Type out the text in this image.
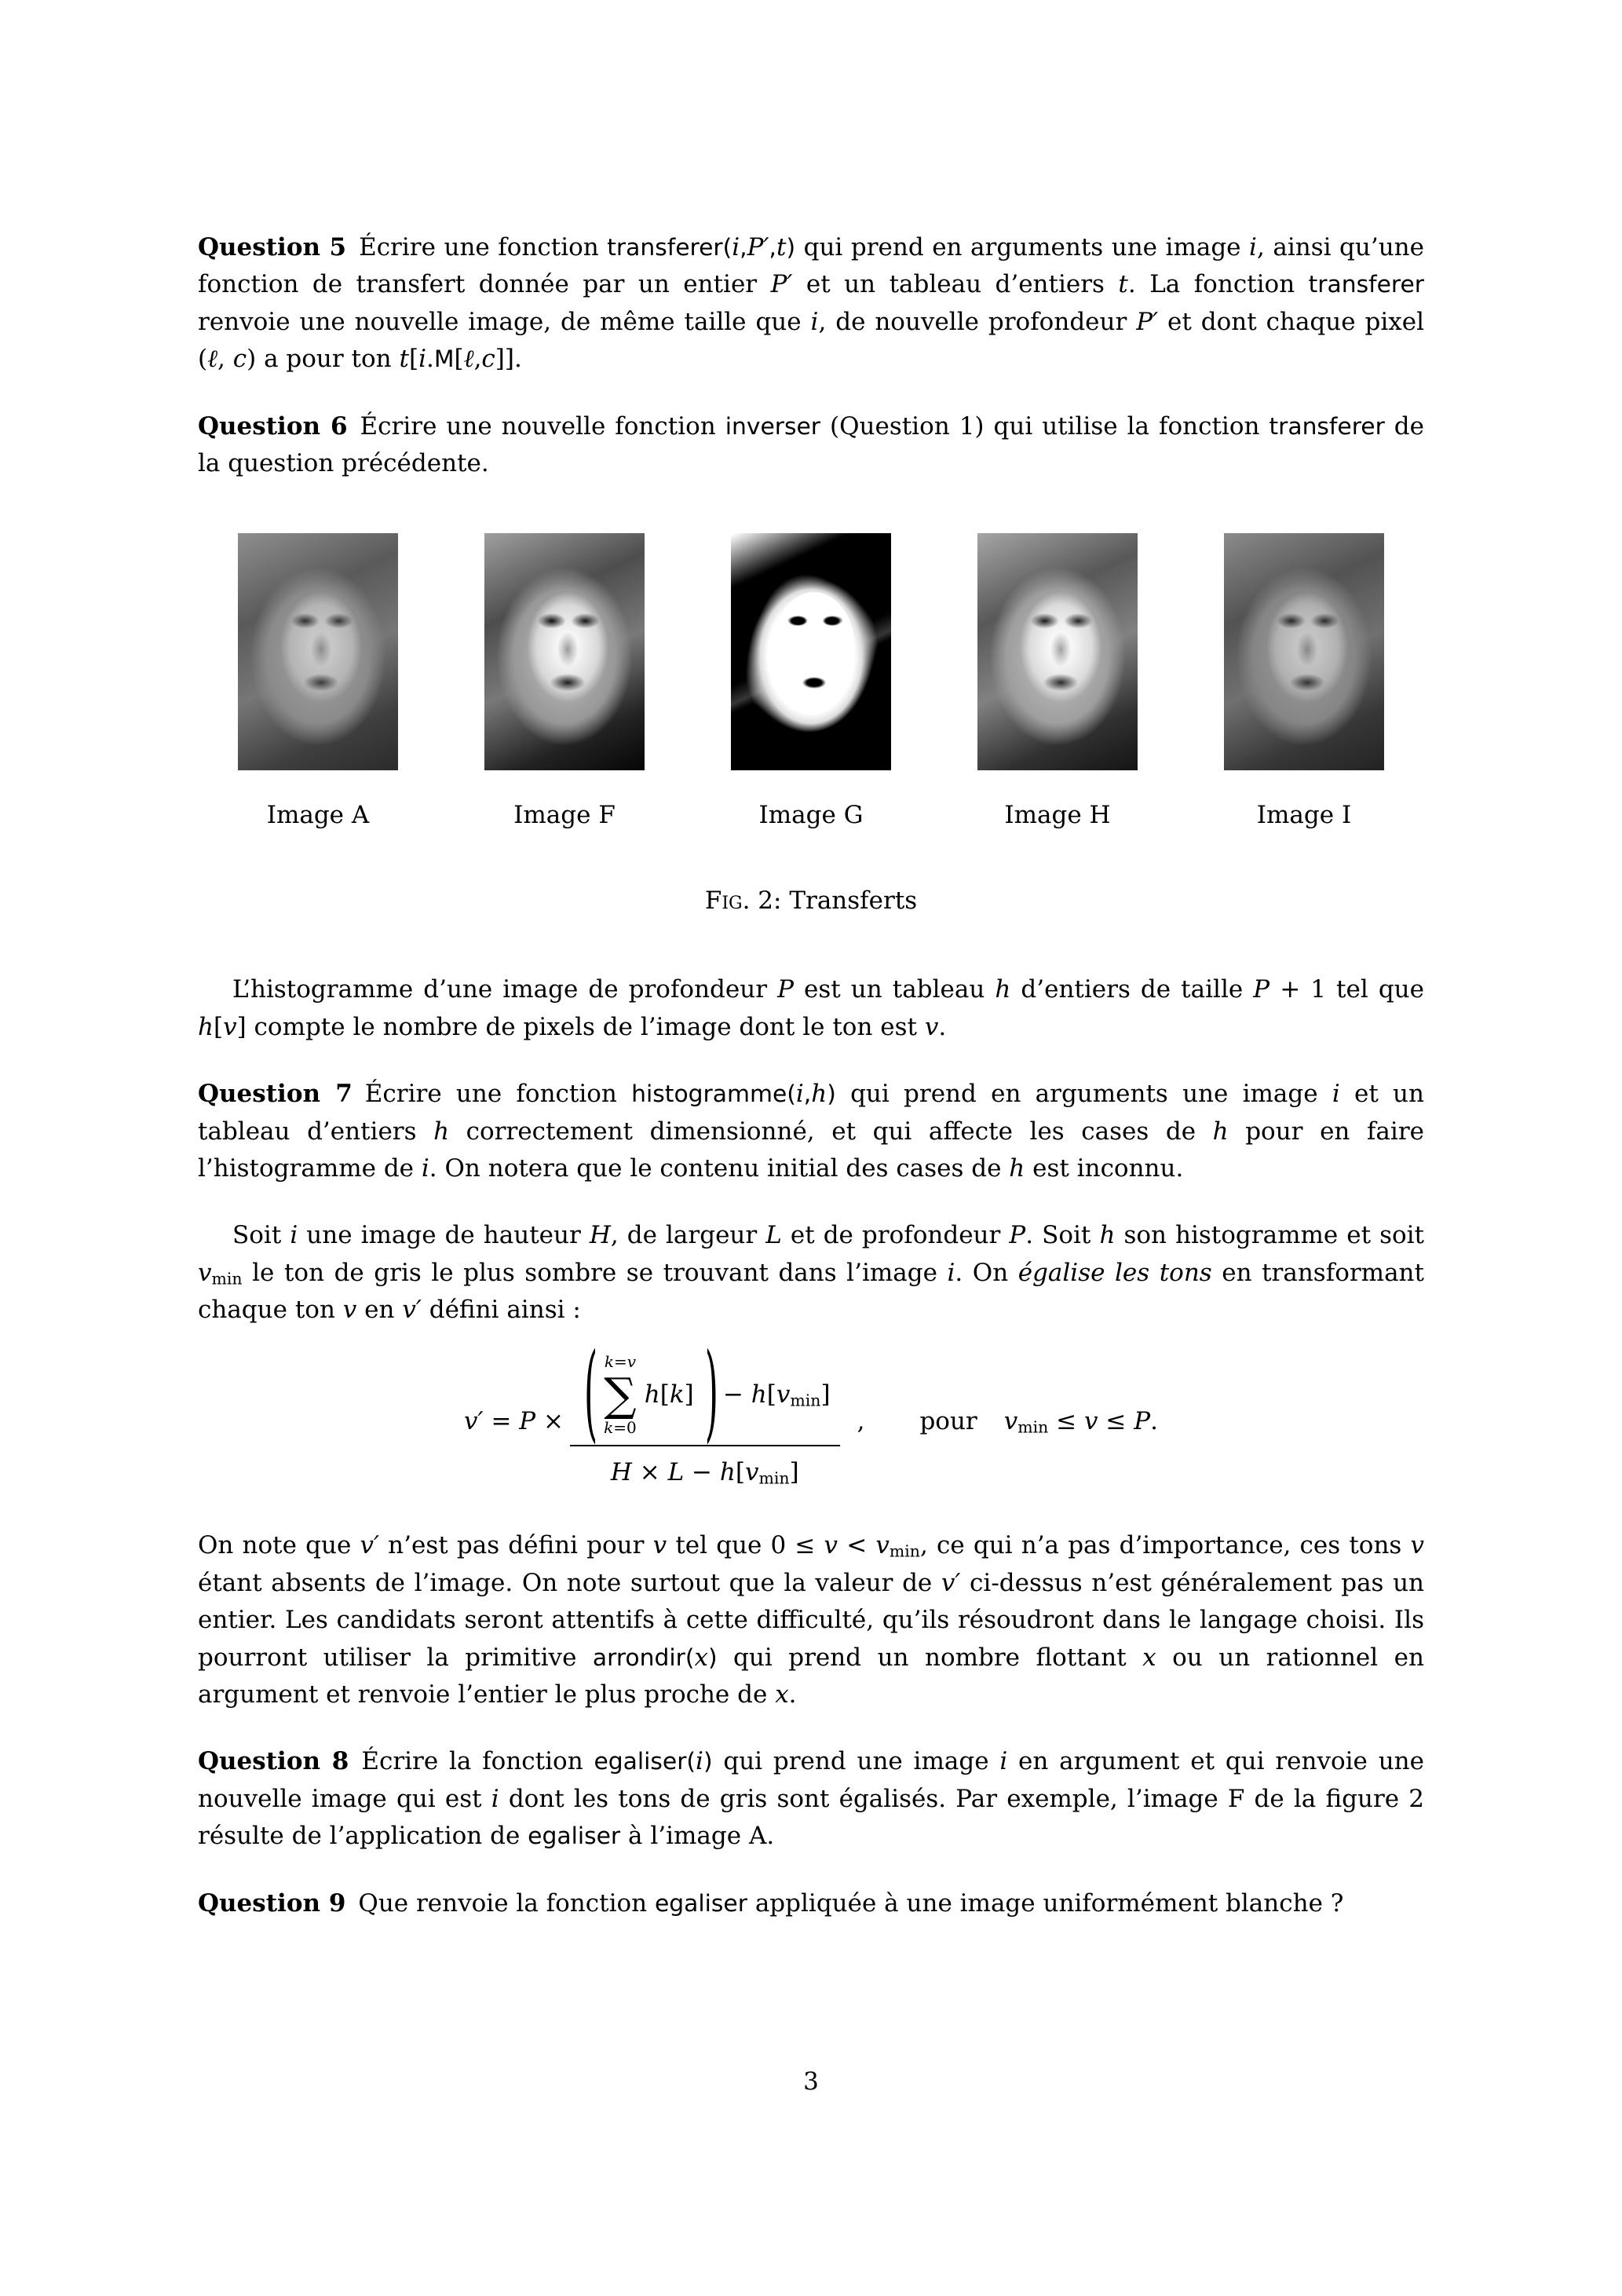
Question 5 Écrire une fonction transferer(i,P′,t) qui prend en arguments une image i, ainsi qu’une fonction de transfert donnée par un entier P′ et un tableau d’entiers t. La fonction transferer renvoie une nouvelle image, de même taille que i, de nouvelle profondeur P′ et dont chaque pixel (ℓ, c) a pour ton t[i.M[ℓ,c]].

Question 6 Écrire une nouvelle fonction inverser (Question 1) qui utilise la fonction transferer de la question précédente.

Image A	Image F	Image G	Image H	Image I
Fig. 2: Transferts

L’histogramme d’une image de profondeur P est un tableau h d’entiers de taille P + 1 tel que h[v] compte le nombre de pixels de l’image dont le ton est v.

Question 7 Écrire une fonction histogramme(i,h) qui prend en arguments une image i et un tableau d’entiers h correctement dimensionné, et qui affecte les cases de h pour en faire l’histogramme de i. On notera que le contenu initial des cases de h est inconnu.

Soit i une image de hauteur H, de largeur L et de profondeur P. Soit h son histogramme et soit vmin le ton de gris le plus sombre se trouvant dans l’image i. On égalise les tons en transformant chaque ton v en v′ défini ainsi :

v′ = P × ( k=v
∑
k=0
h[k] ) − h[vmin]
H × L − h[vmin]
, pour vmin ≤ v ≤ P.

On note que v′ n’est pas défini pour v tel que 0 ≤ v < vmin, ce qui n’a pas d’importance, ces tons v étant absents de l’image. On note surtout que la valeur de v′ ci-dessus n’est généralement pas un entier. Les candidats seront attentifs à cette difficulté, qu’ils résoudront dans le langage choisi. Ils pourront utiliser la primitive arrondir(x) qui prend un nombre flottant x ou un rationnel en argument et renvoie l’entier le plus proche de x.

Question 8 Écrire la fonction egaliser(i) qui prend une image i en argument et qui renvoie une nouvelle image qui est i dont les tons de gris sont égalisés. Par exemple, l’image F de la figure 2 résulte de l’application de egaliser à l’image A.

Question 9 Que renvoie la fonction egaliser appliquée à une image uniformément blanche ?

3
